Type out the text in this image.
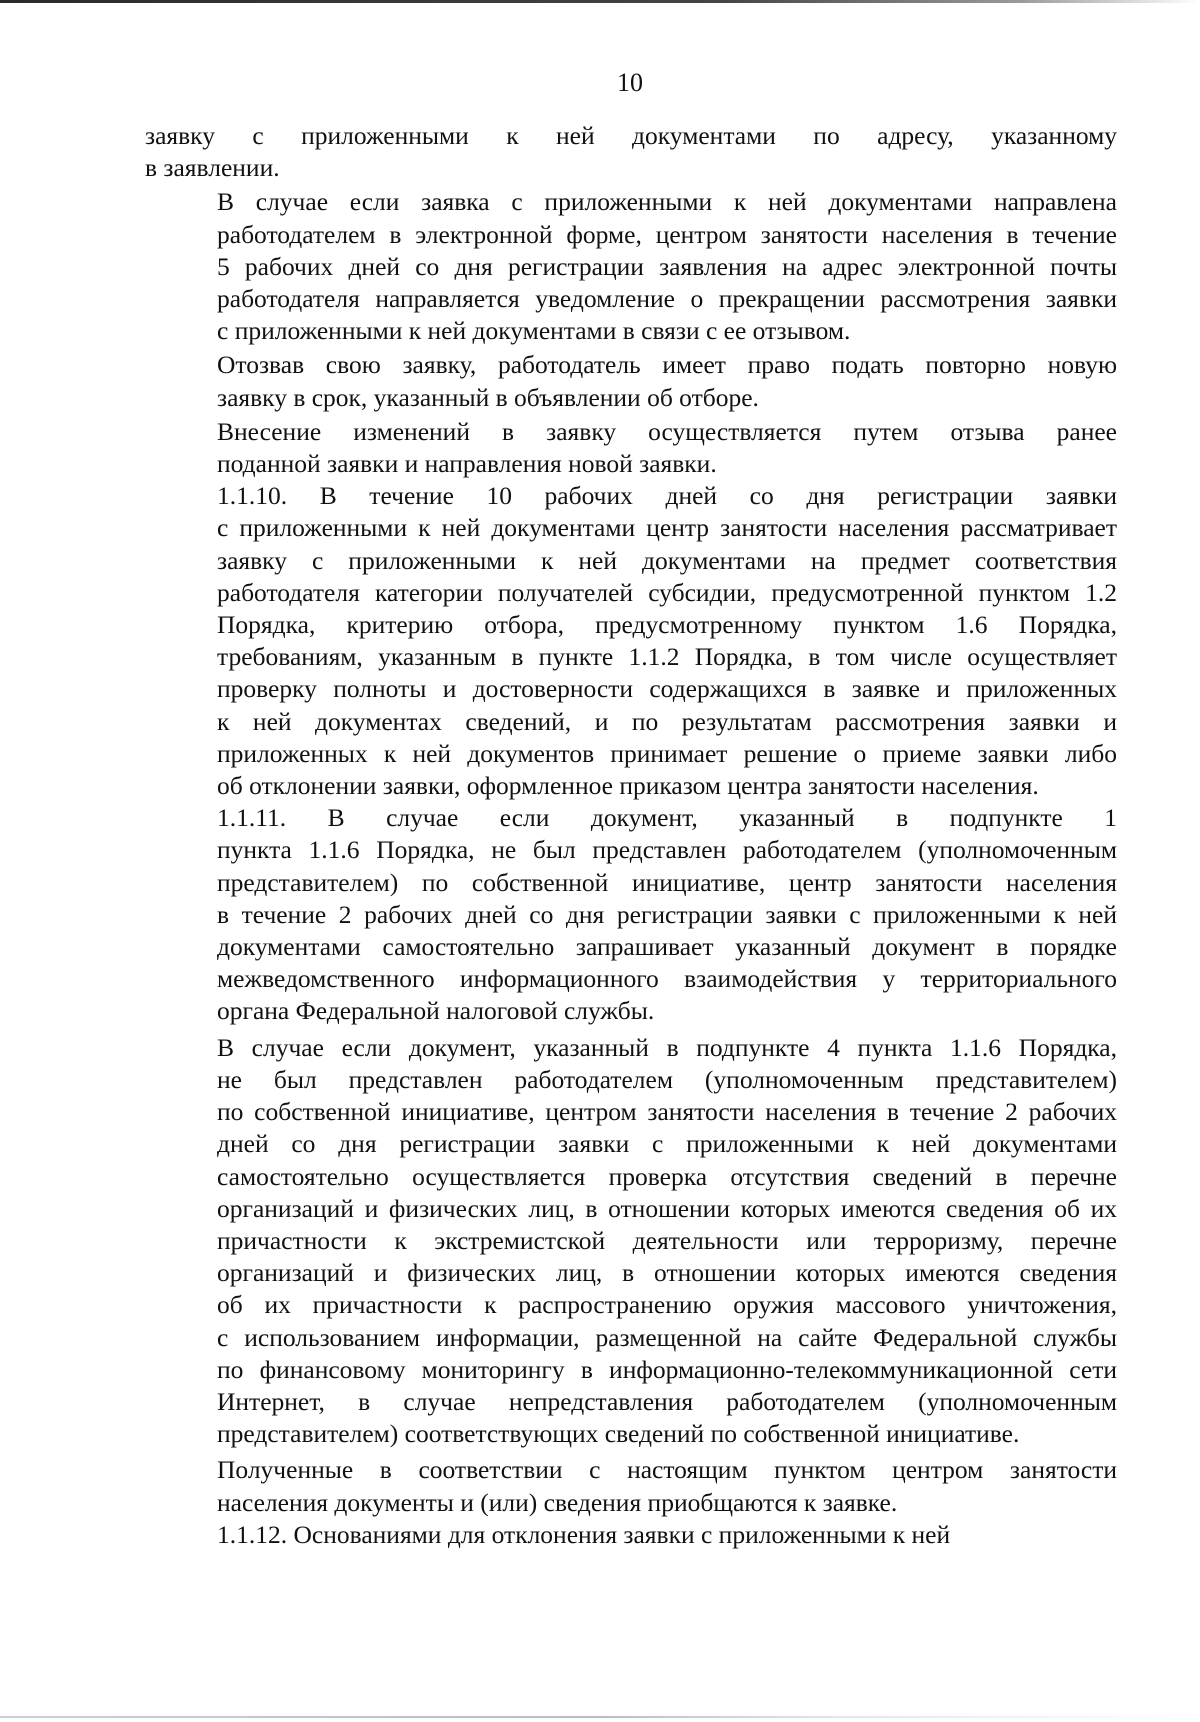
10
заявку с приложенными к ней документами по адресу, указанному
в заявлении.
В случае если заявка с приложенными к ней документами направлена
работодателем в электронной форме, центром занятости населения в течение
5 рабочих дней со дня регистрации заявления на адрес электронной почты
работодателя направляется уведомление о прекращении рассмотрения заявки
с приложенными к ней документами в связи с ее отзывом.
Отозвав свою заявку, работодатель имеет право подать повторно новую
заявку в срок, указанный в объявлении об отборе.
Внесение изменений в заявку осуществляется путем отзыва ранее
поданной заявки и направления новой заявки.
1.1.10. В течение 10 рабочих дней со дня регистрации заявки
с приложенными к ней документами центр занятости населения рассматривает
заявку с приложенными к ней документами на предмет соответствия
работодателя категории получателей субсидии, предусмотренной пунктом 1.2
Порядка, критерию отбора, предусмотренному пунктом 1.6 Порядка,
требованиям, указанным в пункте 1.1.2 Порядка, в том числе осуществляет
проверку полноты и достоверности содержащихся в заявке и приложенных
к ней документах сведений, и по результатам рассмотрения заявки и
приложенных к ней документов принимает решение о приеме заявки либо
об отклонении заявки, оформленное приказом центра занятости населения.
1.1.11. В случае если документ, указанный в подпункте 1
пункта 1.1.6 Порядка, не был представлен работодателем (уполномоченным
представителем) по собственной инициативе, центр занятости населения
в течение 2 рабочих дней со дня регистрации заявки с приложенными к ней
документами самостоятельно запрашивает указанный документ в порядке
межведомственного информационного взаимодействия у территориального
органа Федеральной налоговой службы.
В случае если документ, указанный в подпункте 4 пункта 1.1.6 Порядка,
не был представлен работодателем (уполномоченным представителем)
по собственной инициативе, центром занятости населения в течение 2 рабочих
дней со дня регистрации заявки с приложенными к ней документами
самостоятельно осуществляется проверка отсутствия сведений в перечне
организаций и физических лиц, в отношении которых имеются сведения об их
причастности к экстремистской деятельности или терроризму, перечне
организаций и физических лиц, в отношении которых имеются сведения
об их причастности к распространению оружия массового уничтожения,
с использованием информации, размещенной на сайте Федеральной службы
по финансовому мониторингу в информационно-телекоммуникационной сети
Интернет, в случае непредставления работодателем (уполномоченным
представителем) соответствующих сведений по собственной инициативе.
Полученные в соответствии с настоящим пунктом центром занятости
населения документы и (или) сведения приобщаются к заявке.
1.1.12. Основаниями для отклонения заявки с приложенными к ней
